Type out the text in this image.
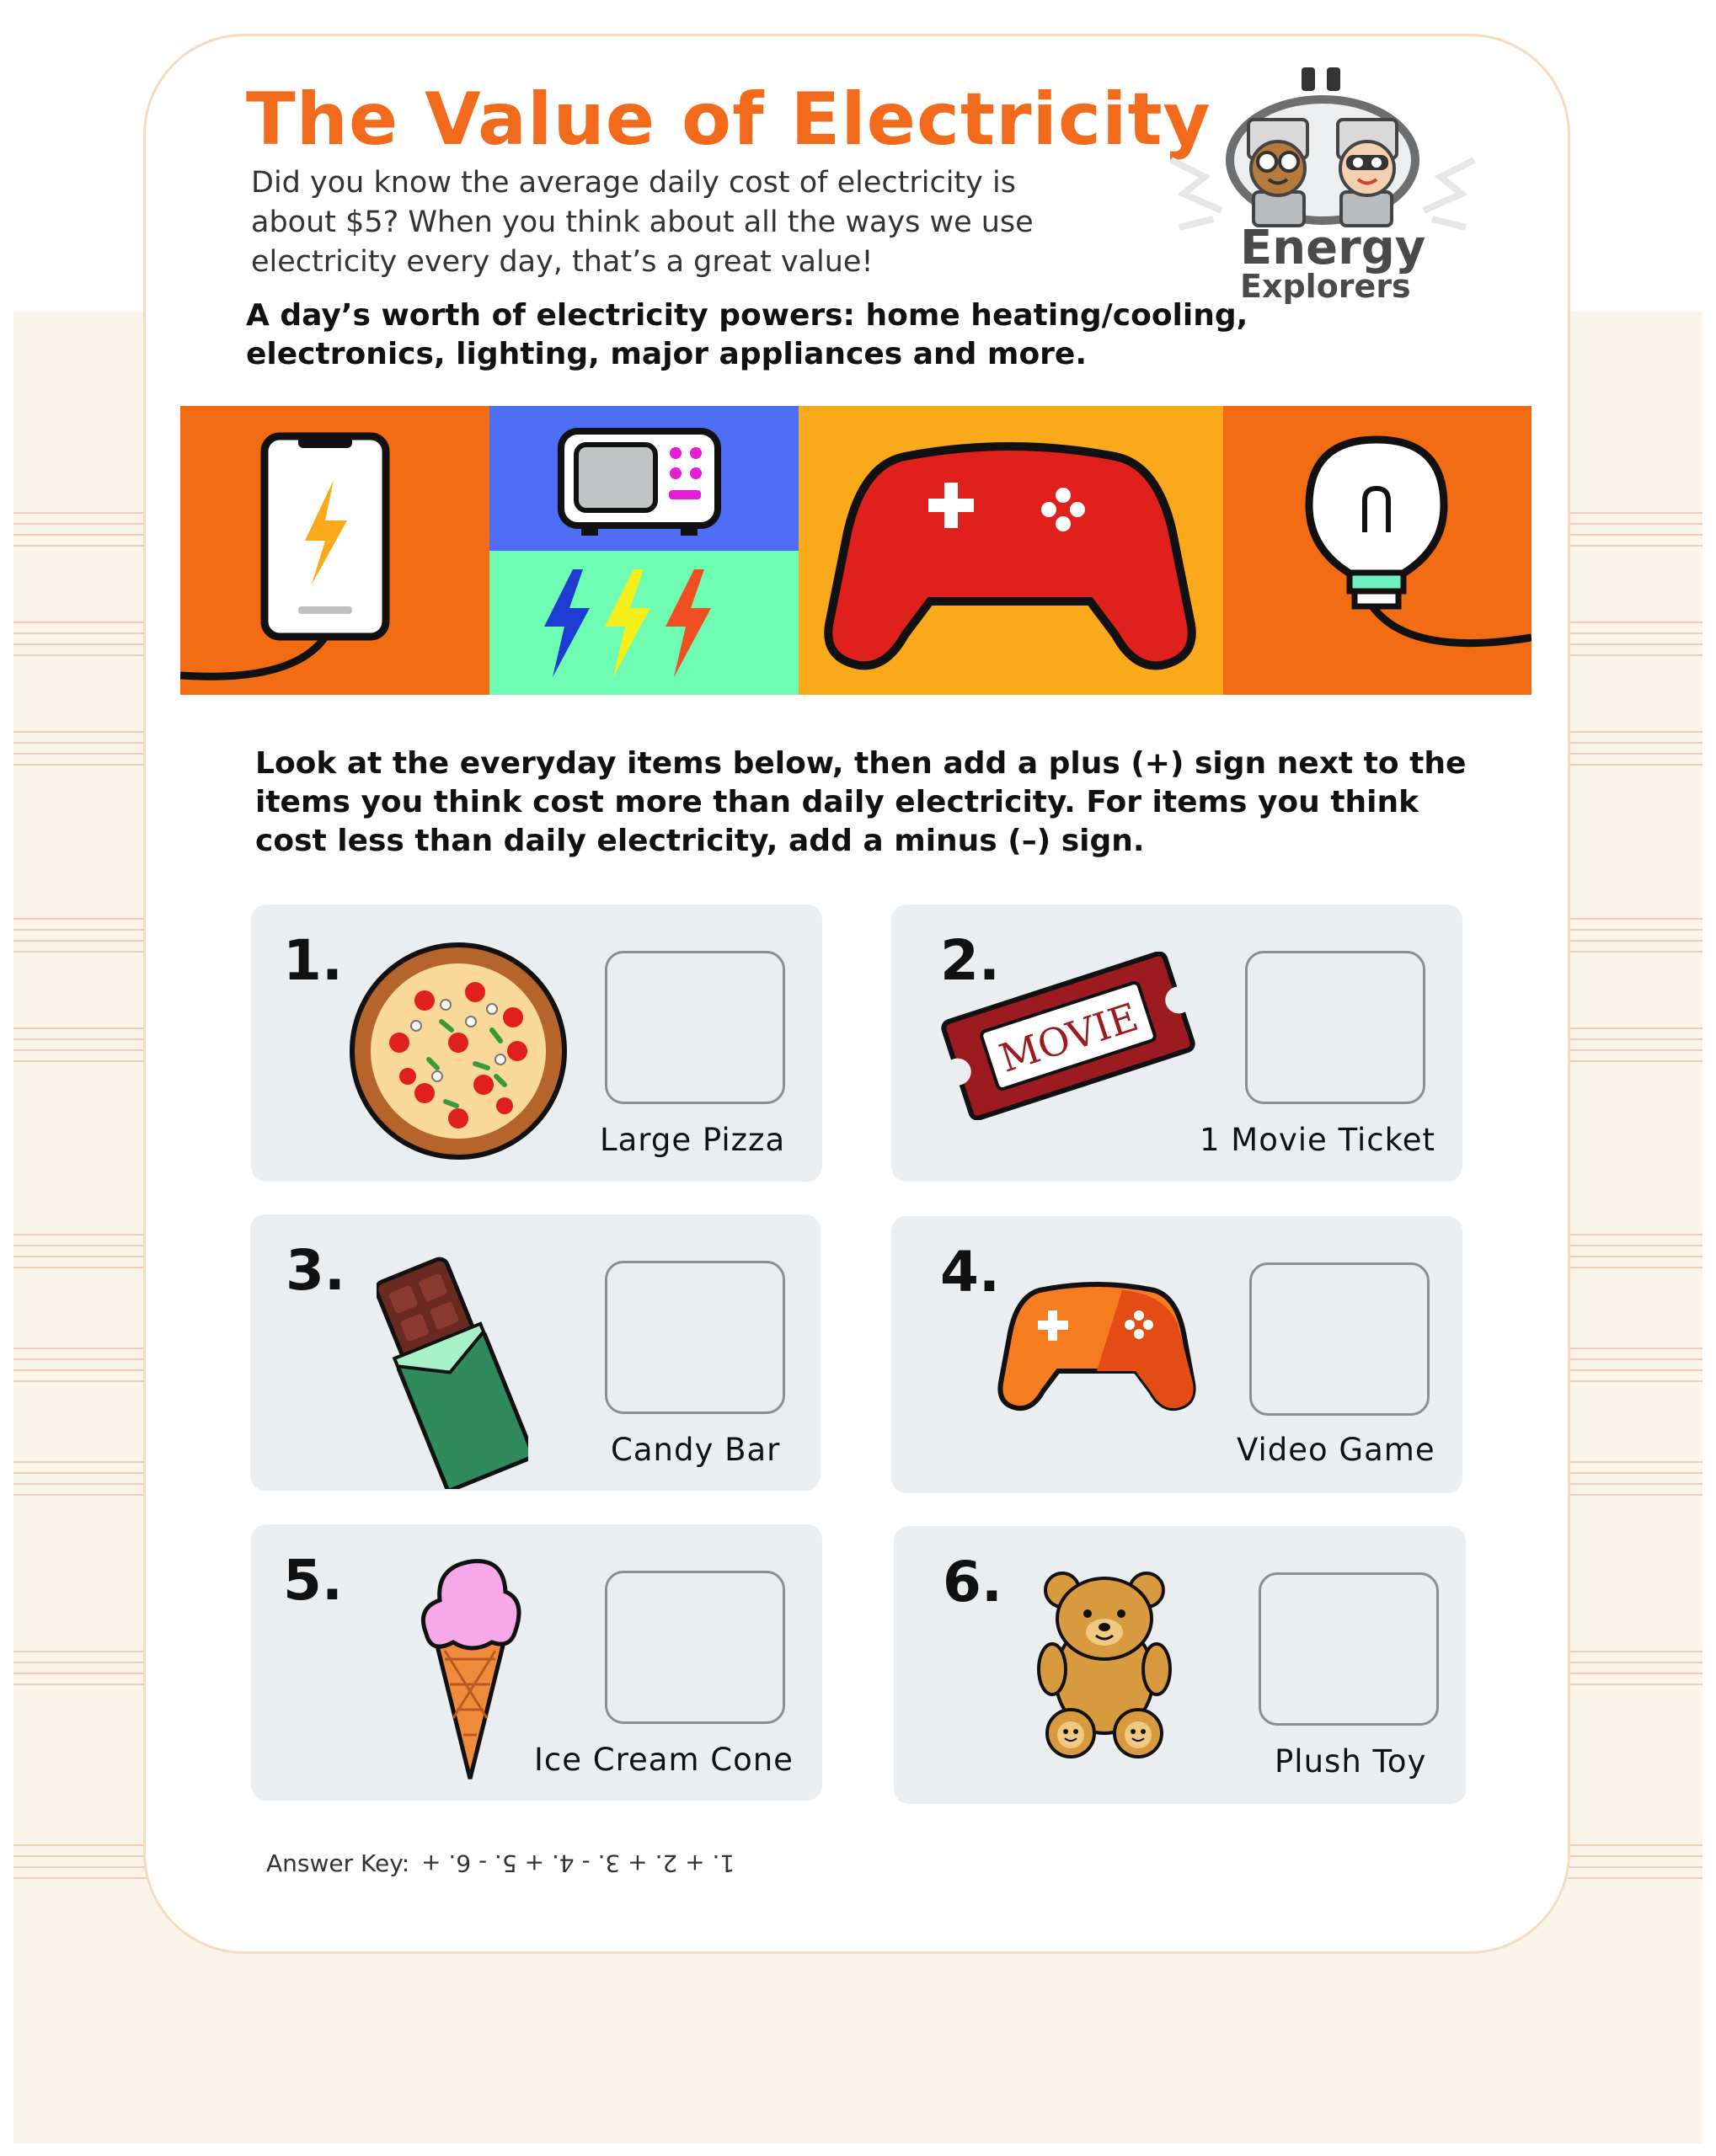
The Value of Electricity

Did you know the average daily cost of electricity is about $5? When you think about all the ways we use electricity every day, that’s a great value!

A day’s worth of electricity powers: home heating/cooling, electronics, lighting, major appliances and more.

Energy
Explorers

Look at the everyday items below, then add a plus (+) sign next to the items you think cost more than daily electricity. For items you think cost less than daily electricity, add a minus (–) sign.

1.
Large Pizza
2.
MOVIE
1 Movie Ticket
3.
Candy Bar
4.
Video Game
5.
Ice Cream Cone
6.
Plush Toy
Answer Key: 1. + 2. + 3. - 4. + 5. - 6. +
